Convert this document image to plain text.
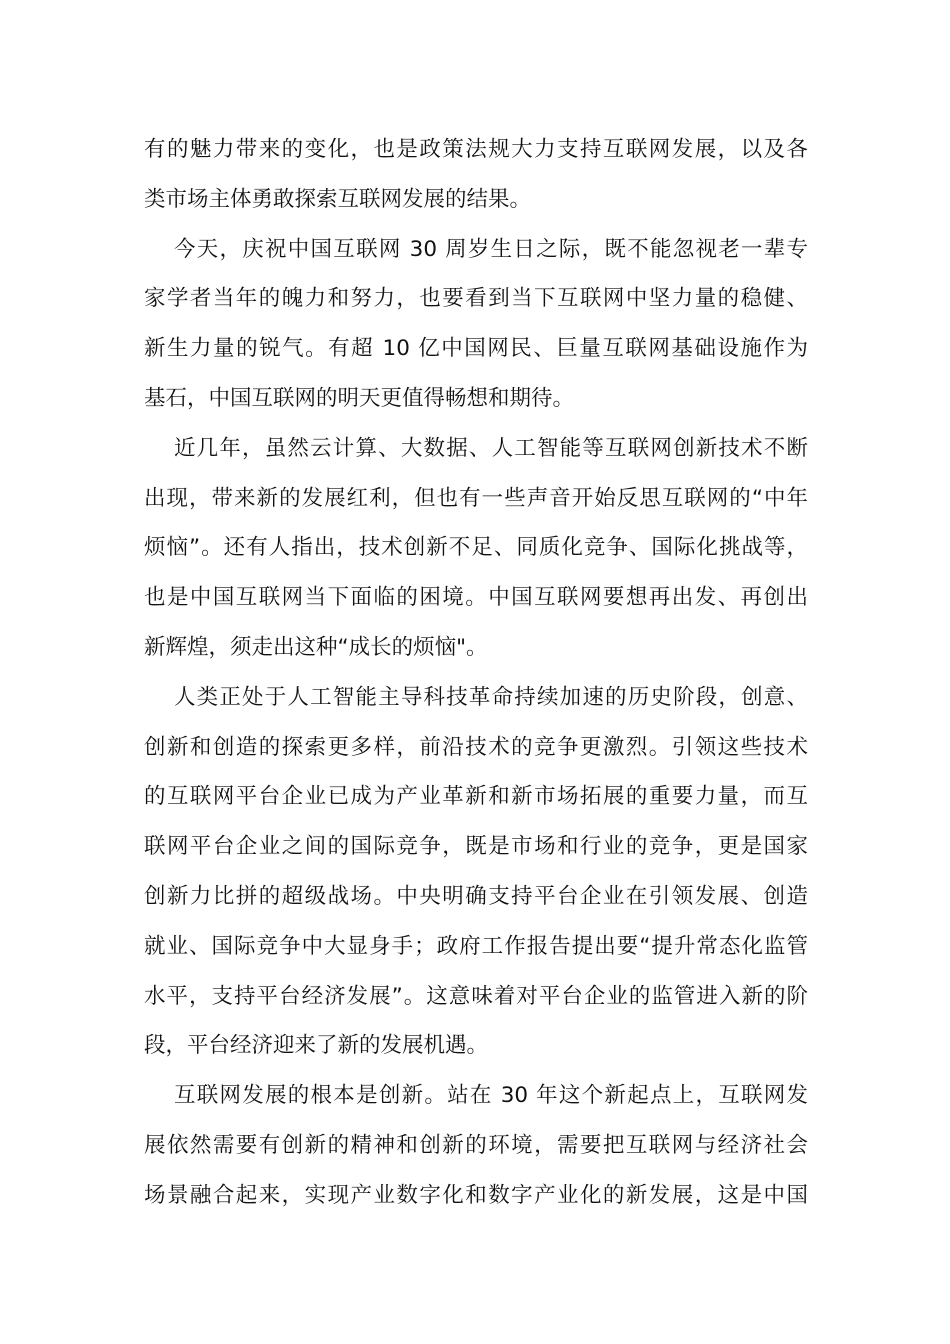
有的魅力带来的变化，也是政策法规大力支持互联网发展，以及各
类市场主体勇敢探索互联网发展的结果。
今天，庆祝中国互联网 30 周岁生日之际，既不能忽视老一辈专
家学者当年的魄力和努力，也要看到当下互联网中坚力量的稳健、
新生力量的锐气。有超 10 亿中国网民、巨量互联网基础设施作为
基石，中国互联网的明天更值得畅想和期待。
近几年，虽然云计算、大数据、人工智能等互联网创新技术不断
出现，带来新的发展红利，但也有一些声音开始反思互联网的“中年
烦恼”。还有人指出，技术创新不足、同质化竞争、国际化挑战等，
也是中国互联网当下面临的困境。中国互联网要想再出发、再创出
新辉煌，须走出这种“成长的烦恼"。
人类正处于人工智能主导科技革命持续加速的历史阶段，创意、
创新和创造的探索更多样，前沿技术的竞争更激烈。引领这些技术
的互联网平台企业已成为产业革新和新市场拓展的重要力量，而互
联网平台企业之间的国际竞争，既是市场和行业的竞争，更是国家
创新力比拼的超级战场。中央明确支持平台企业在引领发展、创造
就业、国际竞争中大显身手；政府工作报告提出要“提升常态化监管
水平，支持平台经济发展”。这意味着对平台企业的监管进入新的阶
段，平台经济迎来了新的发展机遇。
互联网发展的根本是创新。站在 30 年这个新起点上，互联网发
展依然需要有创新的精神和创新的环境，需要把互联网与经济社会
场景融合起来，实现产业数字化和数字产业化的新发展，这是中国
